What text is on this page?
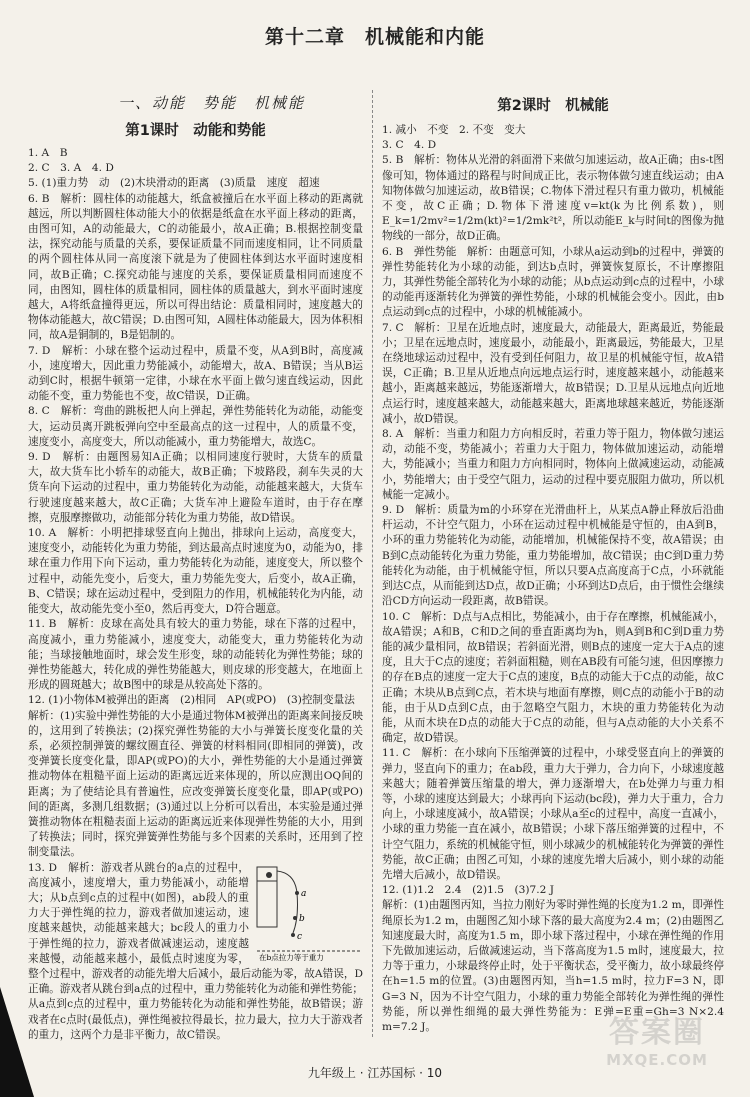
第十二章　机械能和内能
一、动能　势能　机械能
第1课时　动能和势能

1. A　B

2. C　3. A　4. D

5. (1)重力势　动　(2)木块滑动的距离　(3)质量　速度　超速

6. B　解析：圆柱体的动能越大，纸盒被撞后在水平面上移动的距离就越远，所以判断圆柱体动能大小的依据是纸盒在水平面上移动的距离，由图可知，A的动能最大，C的动能最小，故A正确；B.根据控制变量法，探究动能与质量的关系，要保证质量不同而速度相同，让不同质量的两个圆柱体从同一高度滚下就是为了使圆柱体到达水平面时速度相同，故B正确；C.探究动能与速度的关系，要保证质量相同而速度不同，由图知，圆柱体的质量相同，圆柱体的质量越大，到水平面时速度越大，A将纸盒撞得更远，所以可得出结论：质量相同时，速度越大的物体动能越大，故C错误；D.由图可知，A圆柱体动能最大，因为体积相同，故A是铜制的，B是铝制的。

7. D　解析：小球在整个运动过程中，质量不变，从A到B时，高度减小，速度增大，因此重力势能减小，动能增大，故A、B错误；当从B运动到C时，根据牛顿第一定律，小球在水平面上做匀速直线运动，因此动能不变，重力势能也不变，故C错误，D正确。

8. C　解析：弯曲的跳板把人向上弹起，弹性势能转化为动能，动能变大，运动员离开跳板弹向空中至最高点的这一过程中，人的质量不变，速度变小，高度变大，所以动能减小，重力势能增大，故选C。

9. D　解析：由题图易知A正确；以相同速度行驶时，大货车的质量大，故大货车比小轿车的动能大，故B正确；下坡路段，刹车失灵的大货车向下运动的过程中，重力势能转化为动能，动能越来越大，大货车行驶速度越来越大，故C正确；大货车冲上避险车道时，由于存在摩擦，克服摩擦做功，动能部分转化为重力势能，故D错误。

10. A　解析：小明把排球竖直向上抛出，排球向上运动，高度变大，速度变小，动能转化为重力势能，到达最高点时速度为0，动能为0，排球在重力作用下向下运动，重力势能转化为动能，速度变大，所以整个过程中，动能先变小，后变大，重力势能先变大，后变小，故A正确，B、C错误；球在运动过程中，受到阻力的作用，机械能转化为内能，动能变大，故动能先变小至0，然后再变大，D符合题意。

11. B　解析：皮球在高处具有较大的重力势能，球在下落的过程中，高度减小，重力势能减小，速度变大，动能变大，重力势能转化为动能；当球接触地面时，球会发生形变，球的动能转化为弹性势能；球的弹性势能越大，转化成的弹性势能越大，则皮球的形变越大，在地面上形成的圆斑越大；故B图中的球是从较高处下落的。

12. (1)小物体M被弹出的距离　(2)相同　AP(或PO)　(3)控制变量法

解析：(1)实验中弹性势能的大小是通过物体M被弹出的距离来间接反映的，这用到了转换法；(2)探究弹性势能的大小与弹簧长度变化量的关系，必须控制弹簧的螺纹圈直径、弹簧的材料相同(即相同的弹簧)，改变弹簧长度变化量，即AP(或PO)的大小，弹性势能的大小是通过弹簧推动物体在粗糙平面上运动的距离远近来体现的，所以应测出OQ间的距离；为了使结论具有普遍性，应改变弹簧长度变化量，即AP(或PO)间的距离，多测几组数据；(3)通过以上分析可以看出，本实验是通过弹簧推动物体在粗糙表面上运动的距离远近来体现弹性势能的大小，用到了转换法；同时，探究弹簧弹性势能与多个因素的关系时，还用到了控制变量法。

a
b
c
在b点拉力等于重力

13. D　解析：游戏者从跳台的a点的过程中，高度减小，速度增大，重力势能减小，动能增大；从b点到c点的过程中(如图)，ab段人的重力大于弹性绳的拉力，游戏者做加速运动，速度越来越快，动能越来越大；bc段人的重力小于弹性绳的拉力，游戏者做减速运动，速度越来越慢，动能越来越小，最低点时速度为零，整个过程中，游戏者的动能先增大后减小，最后动能为零，故A错误，D正确。游戏者从跳台到a点的过程中，重力势能转化为动能和弹性势能；从a点到c点的过程中，重力势能转化为动能和弹性势能，故B错误；游戏者在c点时(最低点)，弹性绳被拉得最长，拉力最大，拉力大于游戏者的重力，这两个力是非平衡力，故C错误。

第2课时　机械能

1. 减小　不变　2. 不变　变大

3. C　4. D

5. B　解析：物体从光滑的斜面滑下来做匀加速运动，故A正确；由s-t图像可知，物体通过的路程与时间成正比，表示物体做匀速直线运动；由A知物体做匀加速运动，故B错误；C.物体下滑过程只有重力做功，机械能不变，故C正确；D.物体下滑速度v=kt(k为比例系数)，则E_k=1/2mv²=1/2m(kt)²=1/2mk²t²，所以动能E_k与时间t的图像为抛物线的一部分，故D正确。

6. B　弹性势能　解析：由题意可知，小球从a运动到b的过程中，弹簧的弹性势能转化为小球的动能，到达b点时，弹簧恢复原长，不计摩擦阻力，其弹性势能全部转化为小球的动能；从b点运动到c点的过程中，小球的动能再逐渐转化为弹簧的弹性势能，小球的机械能会变小。因此，由b点运动到c点的过程中，小球的机械能减小。

7. C　解析：卫星在近地点时，速度最大，动能最大，距离最近，势能最小；卫星在远地点时，速度最小，动能最小，距离最远，势能最大，卫星在绕地球运动过程中，没有受到任何阻力，故卫星的机械能守恒，故A错误，C正确；B.卫星从近地点向远地点运行时，速度越来越小，动能越来越小，距离越来越远，势能逐渐增大，故B错误；D.卫星从远地点向近地点运行时，速度越来越大，动能越来越大，距离地球越来越近，势能逐渐减小，故D错误。

8. A　解析：当重力和阻力方向相反时，若重力等于阻力，物体做匀速运动，动能不变，势能减小；若重力大于阻力，物体做加速运动，动能增大，势能减小；当重力和阻力方向相同时，物体向上做减速运动，动能减小，势能增大；由于受空气阻力，运动的过程中要克服阻力做功，所以机械能一定减小。

9. D　解析：质量为m的小环穿在光滑曲杆上，从某点A静止释放后沿曲杆运动，不计空气阻力，小环在运动过程中机械能是守恒的，由A到B，小环的重力势能转化为动能，动能增加，机械能保持不变，故A错误；由B到C点动能转化为重力势能，重力势能增加，故C错误；由C到D重力势能转化为动能，由于机械能守恒，所以只要A点高度高于C点，小环就能到达C点，从而能到达D点，故D正确；小环到达D点后，由于惯性会继续沿CD方向运动一段距离，故B错误。

10. C　解析：D点与A点相比，势能减小，由于存在摩擦，机械能减小，故A错误；A和B，C和D之间的垂直距离均为h，则A到B和C到D重力势能的减少量相同，故B错误；若斜面光滑，则B点的速度一定大于A点的速度，且大于C点的速度；若斜面粗糙，则在AB段有可能匀速，但因摩擦力的存在B点的速度一定大于C点的速度，B点的动能大于C点的动能，故C正确；木块从B点到C点，若木块与地面有摩擦，则C点的动能小于B的动能，由于从D点到C点，由于忽略空气阻力，木块的重力势能转化为动能，从而木块在D点的动能大于C点的动能，但与A点动能的大小关系不确定，故D错误。

11. C　解析：在小球向下压缩弹簧的过程中，小球受竖直向上的弹簧的弹力，竖直向下的重力；在ab段，重力大于弹力，合力向下，小球速度越来越大；随着弹簧压缩量的增大，弹力逐渐增大，在b处弹力与重力相等，小球的速度达到最大；小球再向下运动(bc段)，弹力大于重力，合力向上，小球速度减小，故A错误；小球从a至c的过程中，高度一直减小，小球的重力势能一直在减小，故B错误；小球下落压缩弹簧的过程中，不计空气阻力，系统的机械能守恒，则小球减少的机械能转化为弹簧的弹性势能，故C正确；由图乙可知，小球的速度先增大后减小，则小球的动能先增大后减小，故D错误。

12. (1)1.2　2.4　(2)1.5　(3)7.2 J

解析：(1)由题图丙知，当拉力刚好为零时弹性绳的长度为1.2 m，即弹性绳原长为1.2 m，由题图乙知小球下落的最大高度为2.4 m；(2)由题图乙知速度最大时，高度为1.5 m，即小球下落过程中，小球在弹性绳的作用下先做加速运动，后做减速运动，当下落高度为1.5 m时，速度最大，拉力等于重力，小球最终停止时，处于平衡状态，受平衡力，故小球最终停在h=1.5 m的位置。(3)由题图丙知，当h=1.5 m时，拉力F=3 N，即G=3 N，因为不计空气阻力，小球的重力势能全部转化为弹性绳的弹性势能，所以弹性细绳的最大弹性势能为：E弹=E重=Gh=3 N×2.4 m=7.2 J。

九年级上 · 江苏国标 · 10
答案圈
MXQE.COM
